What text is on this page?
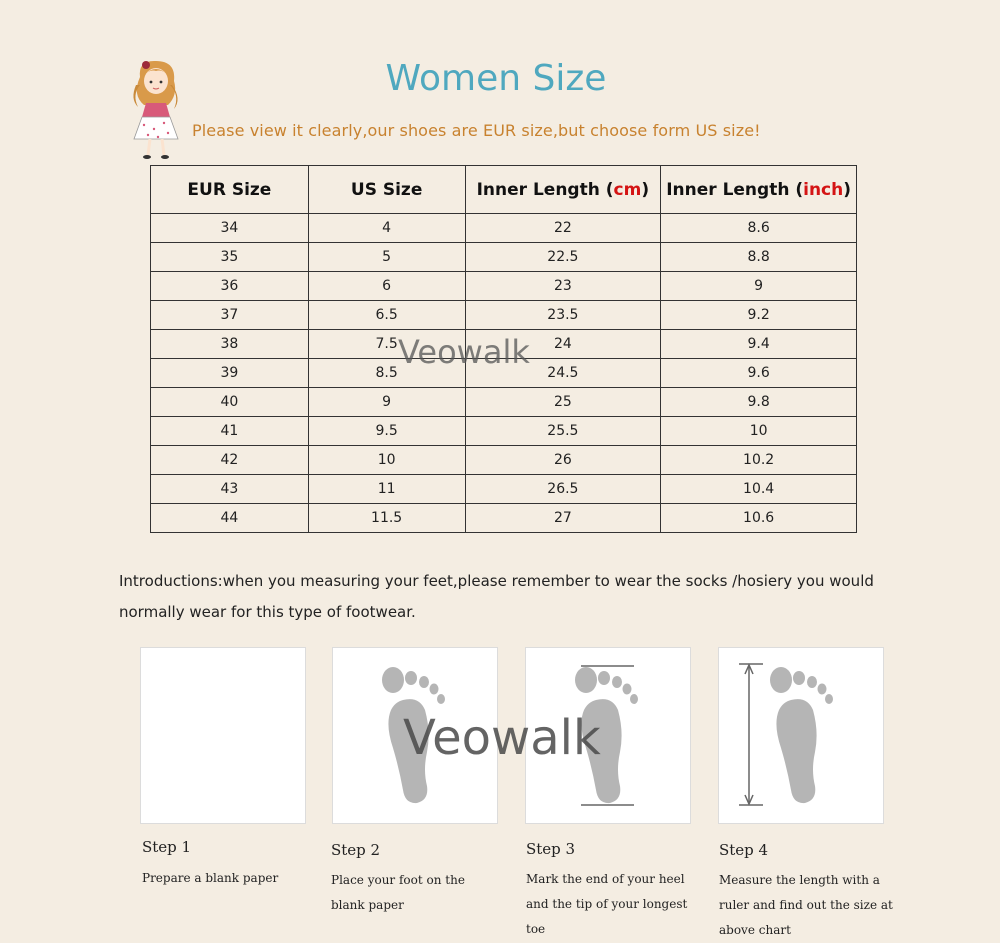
Women Size
Please view it clearly,our shoes are EUR size,but choose form US size!
EUR Size	US Size	Inner Length (cm)	Inner Length (inch)
34	4	22	8.6
35	5	22.5	8.8
36	6	23	9
37	6.5	23.5	9.2
38	7.5	24	9.4
39	8.5	24.5	9.6
40	9	25	9.8
41	9.5	25.5	10
42	10	26	10.2
43	11	26.5	10.4
44	11.5	27	10.6
Veowalk
Introductions:when you measuring your feet,please remember to wear the socks /hosiery you would normally wear for this type of footwear.
Veowalk
Step 1
Prepare a blank paper
Step 2
Place your foot on the blank paper
Step 3
Mark the end of your heel and the tip of your longest toe
Step 4
Measure the length with a ruler and find out the size at above chart
